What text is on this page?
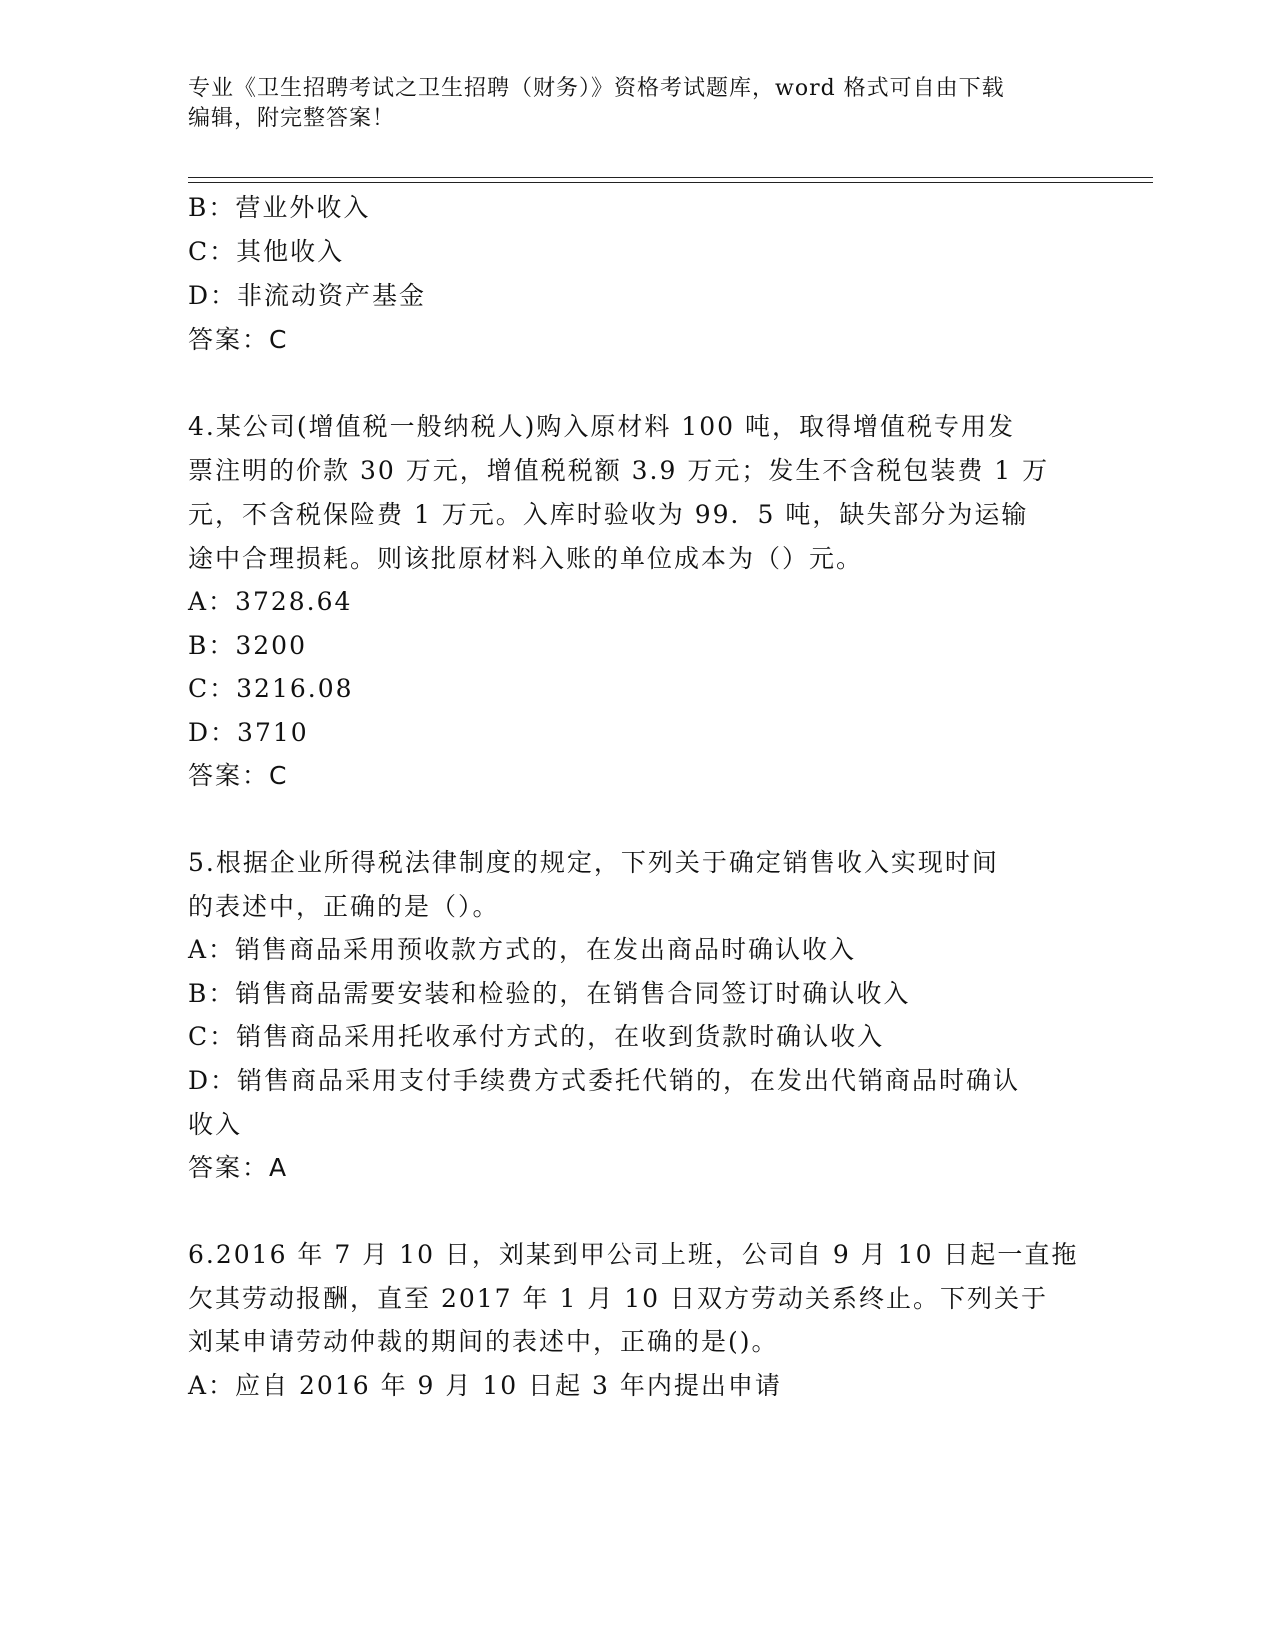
专业《卫生招聘考试之卫生招聘（财务）》资格考试题库，word 格式可自由下载
编辑，附完整答案！
B：营业外收入
C：其他收入
D：非流动资产基金
答案：C
4.某公司(增值税一般纳税人)购入原材料 100 吨，取得增值税专用发
票注明的价款 30 万元，增值税税额 3.9 万元；发生不含税包装费 1 万
元，不含税保险费 1 万元。入库时验收为 99．5 吨，缺失部分为运输
途中合理损耗。则该批原材料入账的单位成本为（）元。
A：3728.64
B：3200
C：3216.08
D：3710
答案：C
5.根据企业所得税法律制度的规定，下列关于确定销售收入实现时间
的表述中，正确的是（）。
A：销售商品采用预收款方式的，在发出商品时确认收入
B：销售商品需要安装和检验的，在销售合同签订时确认收入
C：销售商品采用托收承付方式的，在收到货款时确认收入
D：销售商品采用支付手续费方式委托代销的，在发出代销商品时确认
收入
答案：A
6.2016 年 7 月 10 日，刘某到甲公司上班，公司自 9 月 10 日起一直拖
欠其劳动报酬，直至 2017 年 1 月 10 日双方劳动关系终止。下列关于
刘某申请劳动仲裁的期间的表述中，正确的是()。
A：应自 2016 年 9 月 10 日起 3 年内提出申请
